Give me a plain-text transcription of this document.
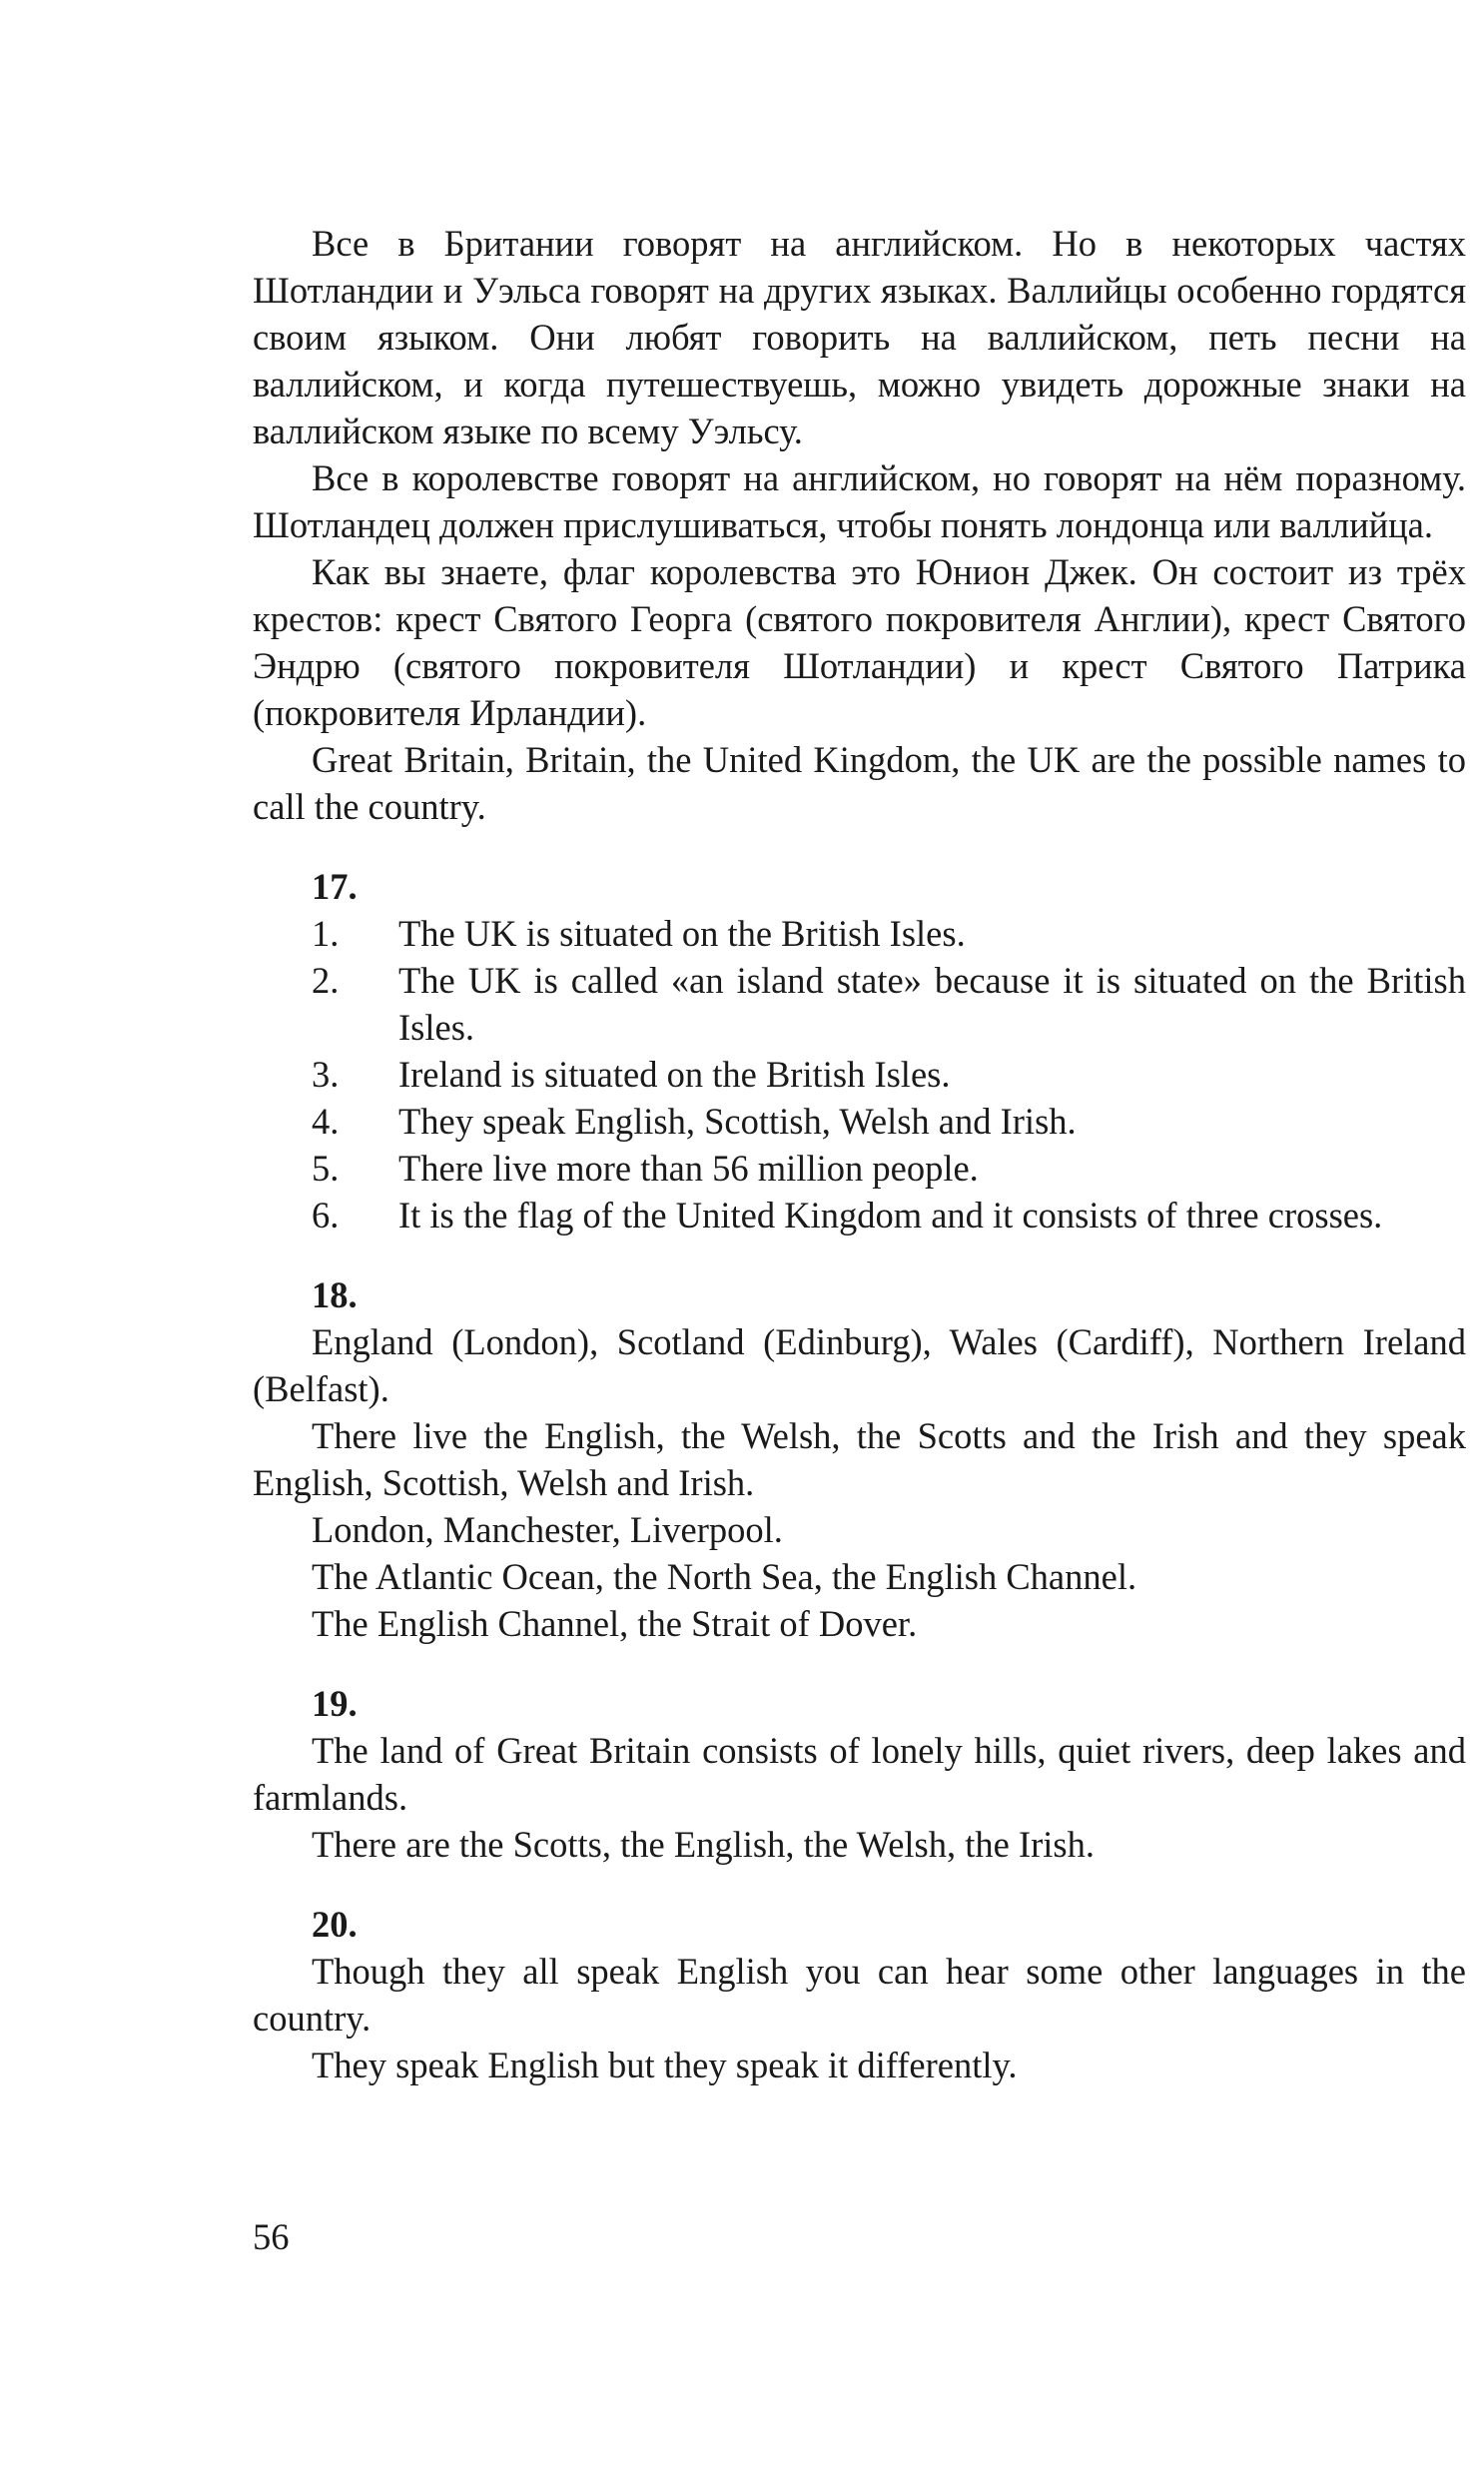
Все в Британии говорят на английском. Но в некоторых частях Шотландии и Уэльса говорят на других языках. Валлийцы особенно гордятся своим языком. Они любят говорить на валлийском, петь песни на валлийском, и когда путешествуешь, можно увидеть дорожные знаки на валлийском языке по всему Уэльсу.

Все в королевстве говорят на английском, но говорят на нём поразному. Шотландец должен прислушиваться, чтобы понять лондонца или валлийца.

Как вы знаете, флаг королевства это Юнион Джек. Он состоит из трёх крестов: крест Святого Георга (святого покровителя Англии), крест Святого Эндрю (святого покровителя Шотландии) и крест Святого Патрика (покровителя Ирландии).

Great Britain, Britain, the United Kingdom, the UK are the possible names to call the country.

17.
1.	The UK is situated on the British Isles.
2.	The UK is called «an island state» because it is situated on the British Isles.
3.	Ireland is situated on the British Isles.
4.	They speak English, Scottish, Welsh and Irish.
5.	There live more than 56 million people.
6.	It is the flag of the United Kingdom and it consists of three crosses.
18.

England (London), Scotland (Edinburg), Wales (Cardiff), Northern Ireland (Belfast).

There live the English, the Welsh, the Scotts and the Irish and they speak English, Scottish, Welsh and Irish.

London, Manchester, Liverpool.

The Atlantic Ocean, the North Sea, the English Channel.

The English Channel, the Strait of Dover.

19.

The land of Great Britain consists of lonely hills, quiet rivers, deep lakes and farmlands.

There are the Scotts, the English, the Welsh, the Irish.

20.

Though they all speak English you can hear some other languages in the country.

They speak English but they speak it differently.

56
